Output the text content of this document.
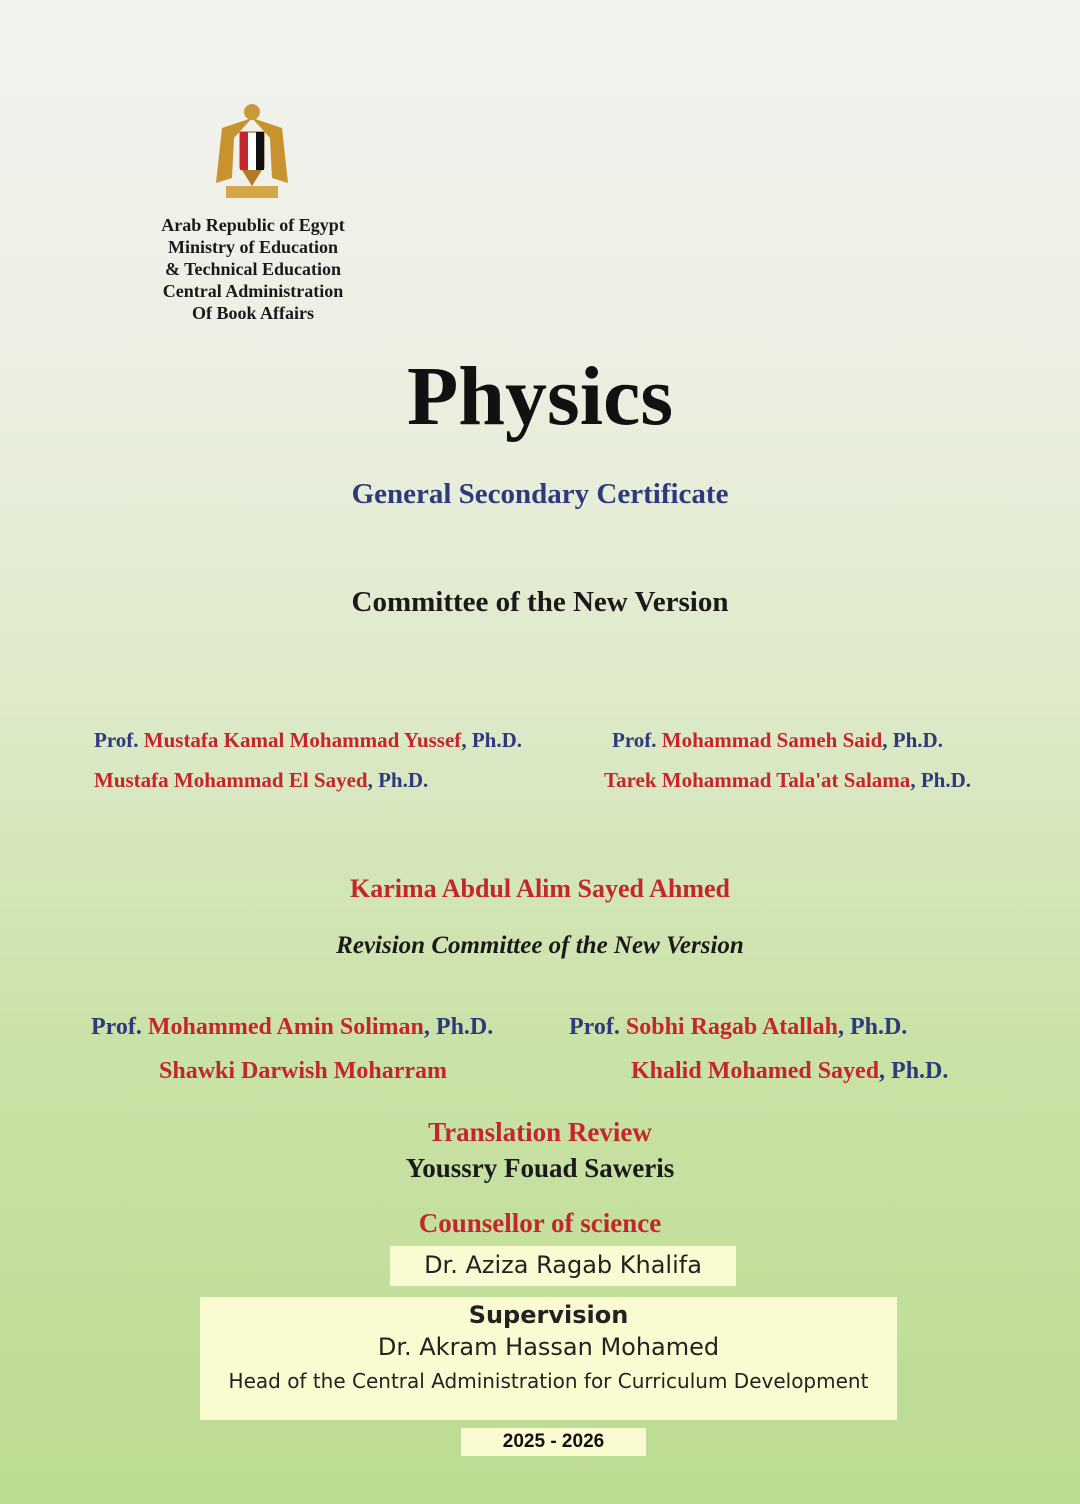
Arab Republic of Egypt
Ministry of Education
& Technical Education
Central Administration
Of Book Affairs
Physics
General Secondary Certificate
Committee of the New Version
Prof. Mustafa Kamal Mohammad Yussef, Ph.D.	Prof. Mohammad Sameh Said, Ph.D.
Mustafa Mohammad El Sayed, Ph.D.	Tarek Mohammad Tala'at Salama, Ph.D.
Karima Abdul Alim Sayed Ahmed
Revision Committee of the New Version
Prof. Mohammed Amin Soliman, Ph.D.	Prof. Sobhi Ragab Atallah, Ph.D.
Shawki Darwish Moharram	Khalid Mohamed Sayed, Ph.D.
Translation Review
Youssry Fouad Saweris
Counsellor of science
Dr. Aziza Ragab Khalifa
Supervision
Dr. Akram Hassan Mohamed
Head of the Central Administration for Curriculum Development
2025 - 2026
